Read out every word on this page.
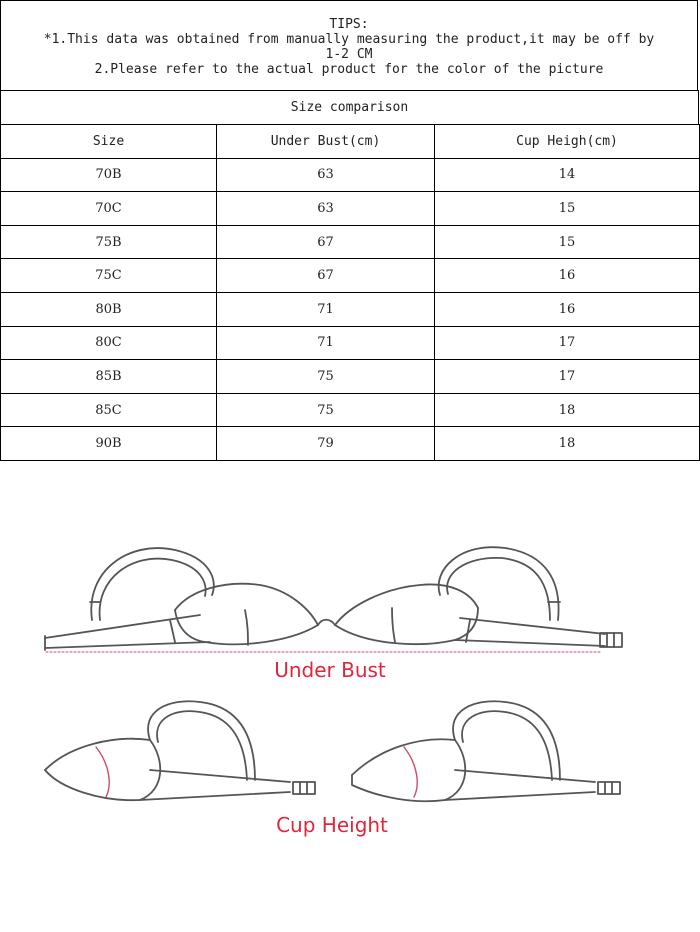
TIPS:
*1.This data was obtained from manually measuring the product,it may be off by
1-2 CM
2.Please refer to the actual product for the color of the picture
Size comparison
Size	Under Bust(cm)	Cup Heigh(cm)
70B	63	14
70C	63	15
75B	67	15
75C	67	16
80B	71	16
80C	71	17
85B	75	17
85C	75	18
90B	79	18
Under Bust
Cup Height
